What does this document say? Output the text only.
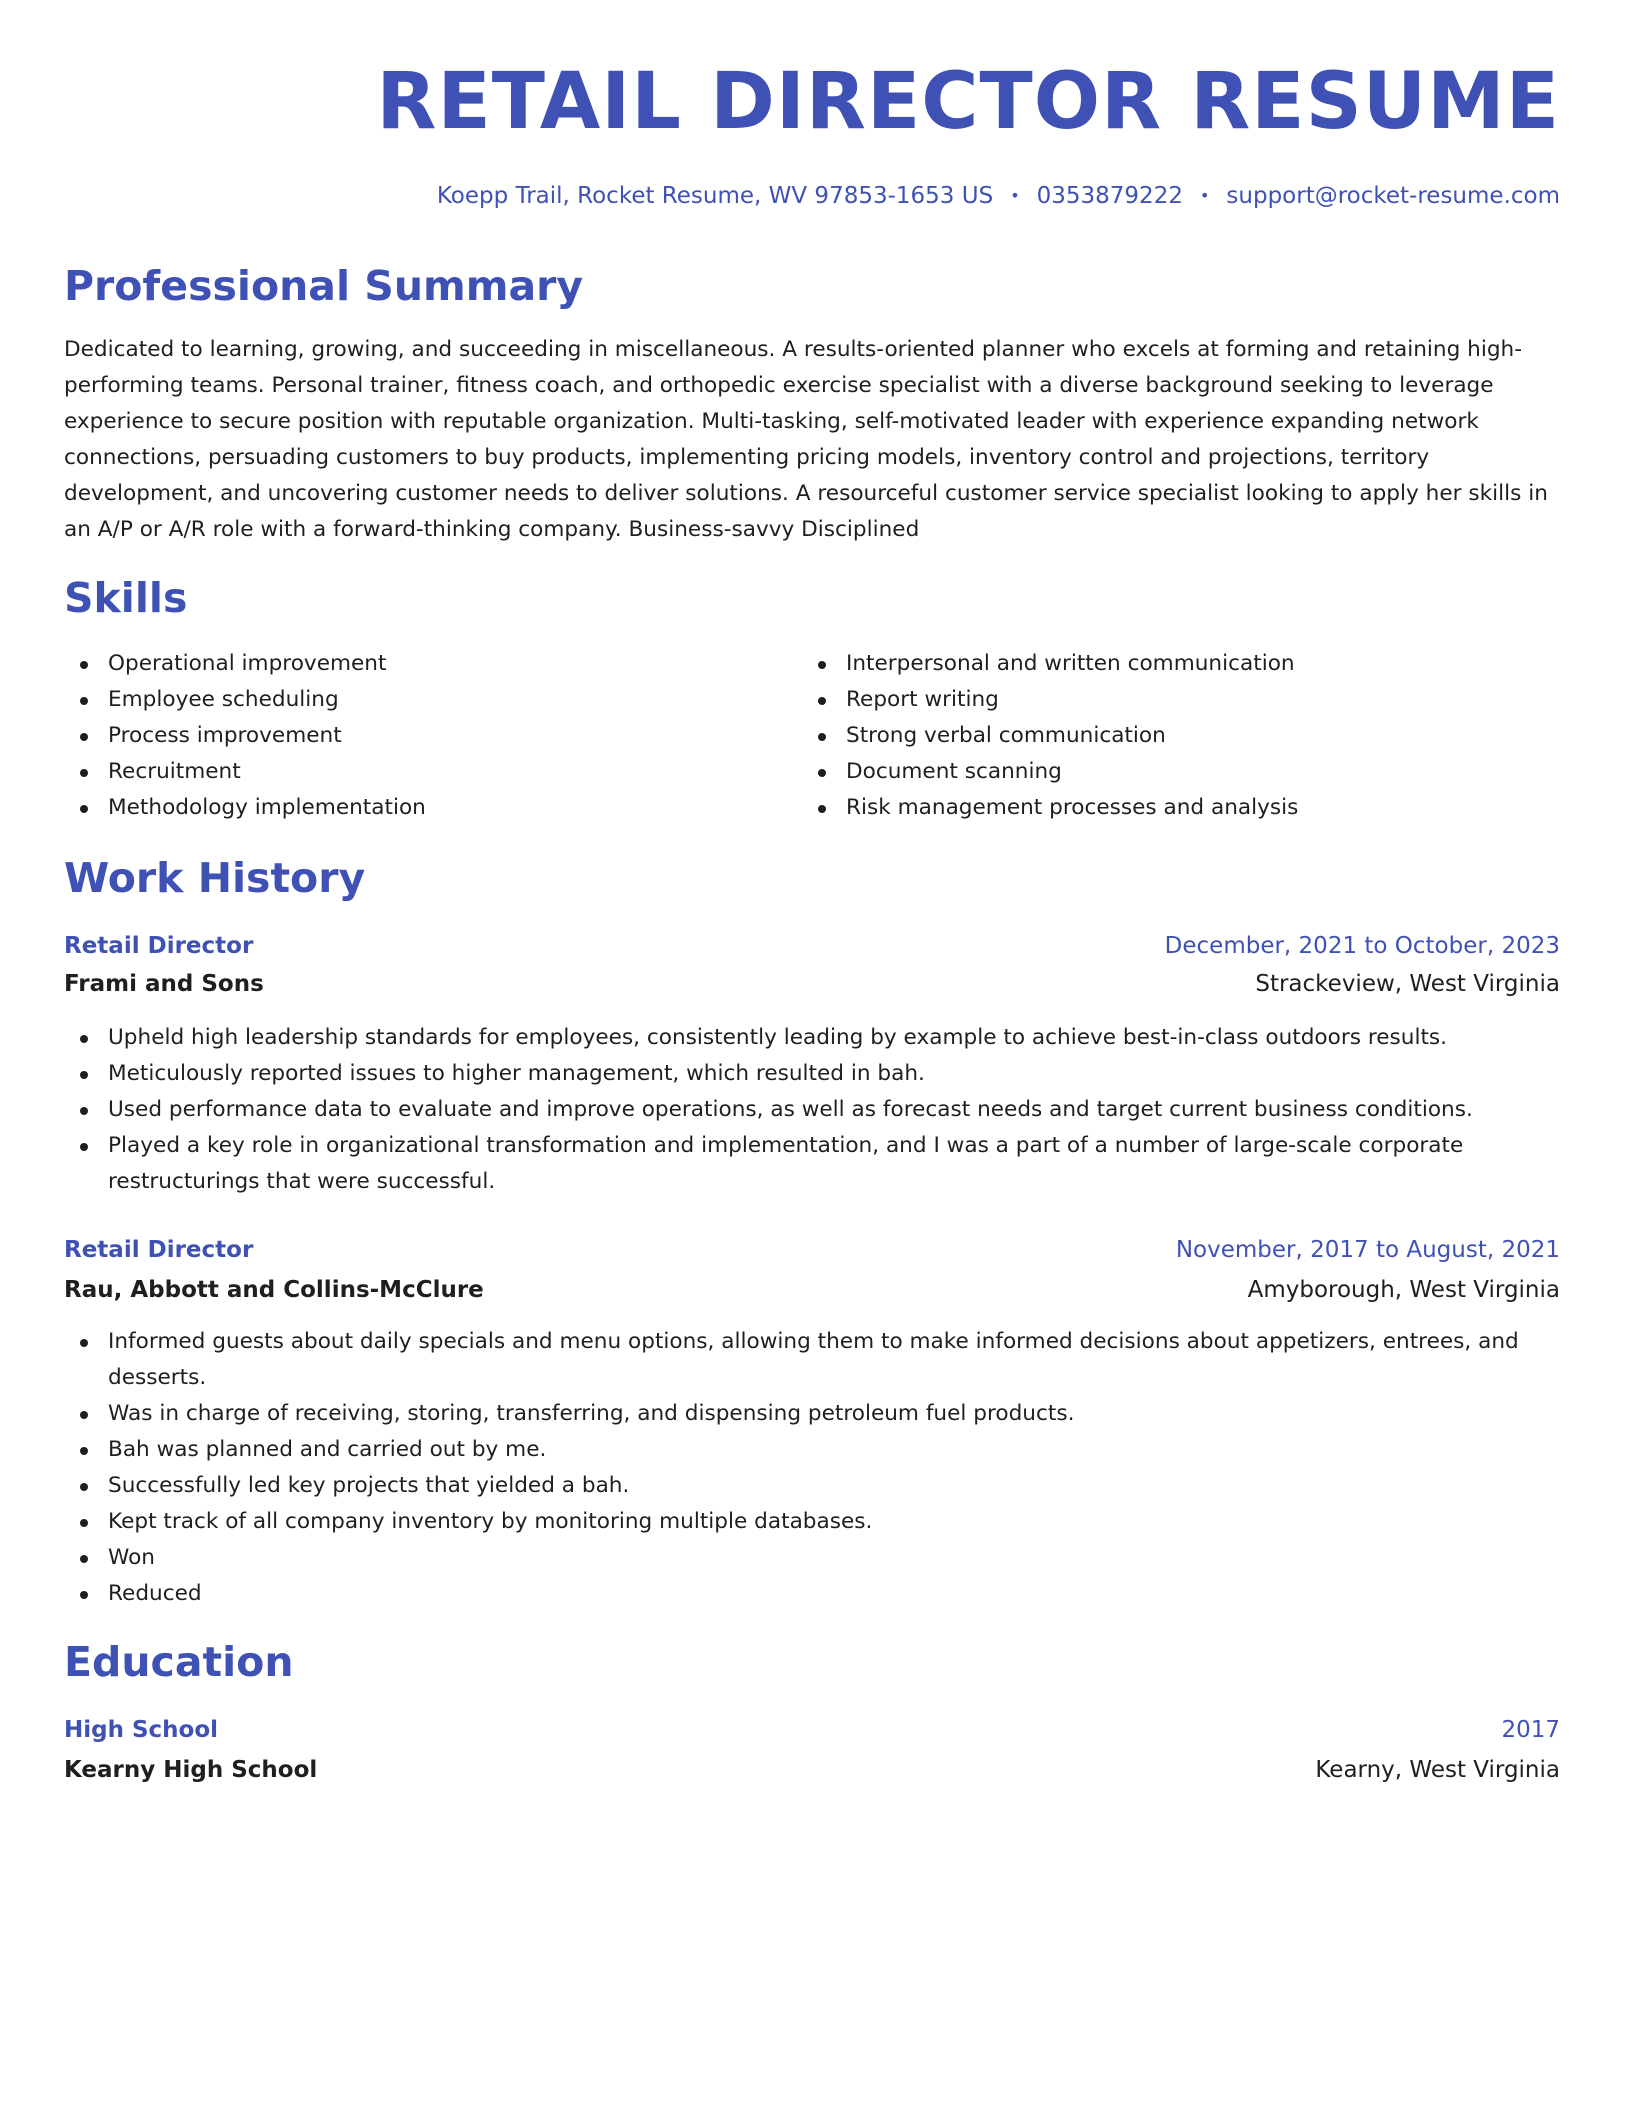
RETAIL DIRECTOR RESUME
Koepp Trail, Rocket Resume, WV 97853-1653 US • 0353879222 • support@rocket-resume.com
Professional Summary

Dedicated to learning, growing, and succeeding in miscellaneous. A results-oriented planner who excels at forming and retaining high-performing teams. Personal trainer, fitness coach, and orthopedic exercise specialist with a diverse background seeking to leverage experience to secure position with reputable organization. Multi-tasking, self-motivated leader with experience expanding network connections, persuading customers to buy products, implementing pricing models, inventory control and projections, territory development, and uncovering customer needs to deliver solutions. A resourceful customer service specialist looking to apply her skills in an A/P or A/R role with a forward-thinking company. Business-savvy Disciplined

Skills
Operational improvement
Employee scheduling
Process improvement
Recruitment
Methodology implementation
Interpersonal and written communication
Report writing
Strong verbal communication
Document scanning
Risk management processes and analysis
Work History
Retail Director	December, 2021 to October, 2023
Frami and Sons	Strackeview, West Virginia
Upheld high leadership standards for employees, consistently leading by example to achieve best-in-class outdoors results.
Meticulously reported issues to higher management, which resulted in bah.
Used performance data to evaluate and improve operations, as well as forecast needs and target current business conditions.
Played a key role in organizational transformation and implementation, and I was a part of a number of large-scale corporate restructurings that were successful.
Retail Director	November, 2017 to August, 2021
Rau, Abbott and Collins-McClure	Amyborough, West Virginia
Informed guests about daily specials and menu options, allowing them to make informed decisions about appetizers, entrees, and desserts.
Was in charge of receiving, storing, transferring, and dispensing petroleum fuel products.
Bah was planned and carried out by me.
Successfully led key projects that yielded a bah.
Kept track of all company inventory by monitoring multiple databases.
Won
Reduced
Education
High School	2017
Kearny High School	Kearny, West Virginia
